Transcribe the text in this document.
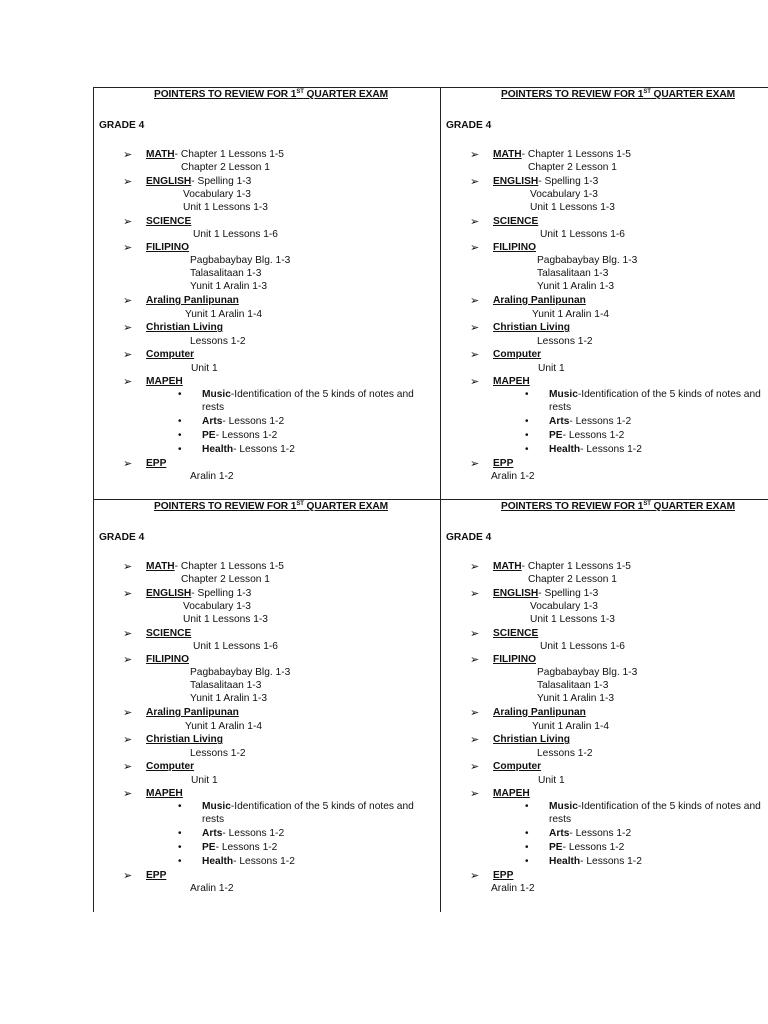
POINTERS TO REVIEW FOR 1ST QUARTER EXAM
GRADE 4
➢ MATH- Chapter 1 Lessons 1-5
Chapter 2 Lesson 1
➢ ENGLISH- Spelling 1-3
Vocabulary 1-3
Unit 1 Lessons 1-3
➢ SCIENCE
Unit 1 Lessons 1-6
➢ FILIPINO
Pagbabaybay Blg. 1-3
Talasalitaan 1-3
Yunit 1 Aralin 1-3
➢ Araling Panlipunan
Yunit 1 Aralin 1-4
➢ Christian Living
Lessons 1-2
➢ Computer
Unit 1
➢ MAPEH
• Music-Identification of the 5 kinds of notes and
rests
• Arts- Lessons 1-2
• PE- Lessons 1-2
• Health- Lessons 1-2
➢ EPP
Aralin 1-2
POINTERS TO REVIEW FOR 1ST QUARTER EXAM
GRADE 4
➢ MATH- Chapter 1 Lessons 1-5
Chapter 2 Lesson 1
➢ ENGLISH- Spelling 1-3
Vocabulary 1-3
Unit 1 Lessons 1-3
➢ SCIENCE
Unit 1 Lessons 1-6
➢ FILIPINO
Pagbabaybay Blg. 1-3
Talasalitaan 1-3
Yunit 1 Aralin 1-3
➢ Araling Panlipunan
Yunit 1 Aralin 1-4
➢ Christian Living
Lessons 1-2
➢ Computer
Unit 1
➢ MAPEH
• Music-Identification of the 5 kinds of notes and
rests
• Arts- Lessons 1-2
• PE- Lessons 1-2
• Health- Lessons 1-2
➢ EPP
Aralin 1-2
POINTERS TO REVIEW FOR 1ST QUARTER EXAM
GRADE 4
➢ MATH- Chapter 1 Lessons 1-5
Chapter 2 Lesson 1
➢ ENGLISH- Spelling 1-3
Vocabulary 1-3
Unit 1 Lessons 1-3
➢ SCIENCE
Unit 1 Lessons 1-6
➢ FILIPINO
Pagbabaybay Blg. 1-3
Talasalitaan 1-3
Yunit 1 Aralin 1-3
➢ Araling Panlipunan
Yunit 1 Aralin 1-4
➢ Christian Living
Lessons 1-2
➢ Computer
Unit 1
➢ MAPEH
• Music-Identification of the 5 kinds of notes and
rests
• Arts- Lessons 1-2
• PE- Lessons 1-2
• Health- Lessons 1-2
➢ EPP
Aralin 1-2
POINTERS TO REVIEW FOR 1ST QUARTER EXAM
GRADE 4
➢ MATH- Chapter 1 Lessons 1-5
Chapter 2 Lesson 1
➢ ENGLISH- Spelling 1-3
Vocabulary 1-3
Unit 1 Lessons 1-3
➢ SCIENCE
Unit 1 Lessons 1-6
➢ FILIPINO
Pagbabaybay Blg. 1-3
Talasalitaan 1-3
Yunit 1 Aralin 1-3
➢ Araling Panlipunan
Yunit 1 Aralin 1-4
➢ Christian Living
Lessons 1-2
➢ Computer
Unit 1
➢ MAPEH
• Music-Identification of the 5 kinds of notes and
rests
• Arts- Lessons 1-2
• PE- Lessons 1-2
• Health- Lessons 1-2
➢ EPP
Aralin 1-2
